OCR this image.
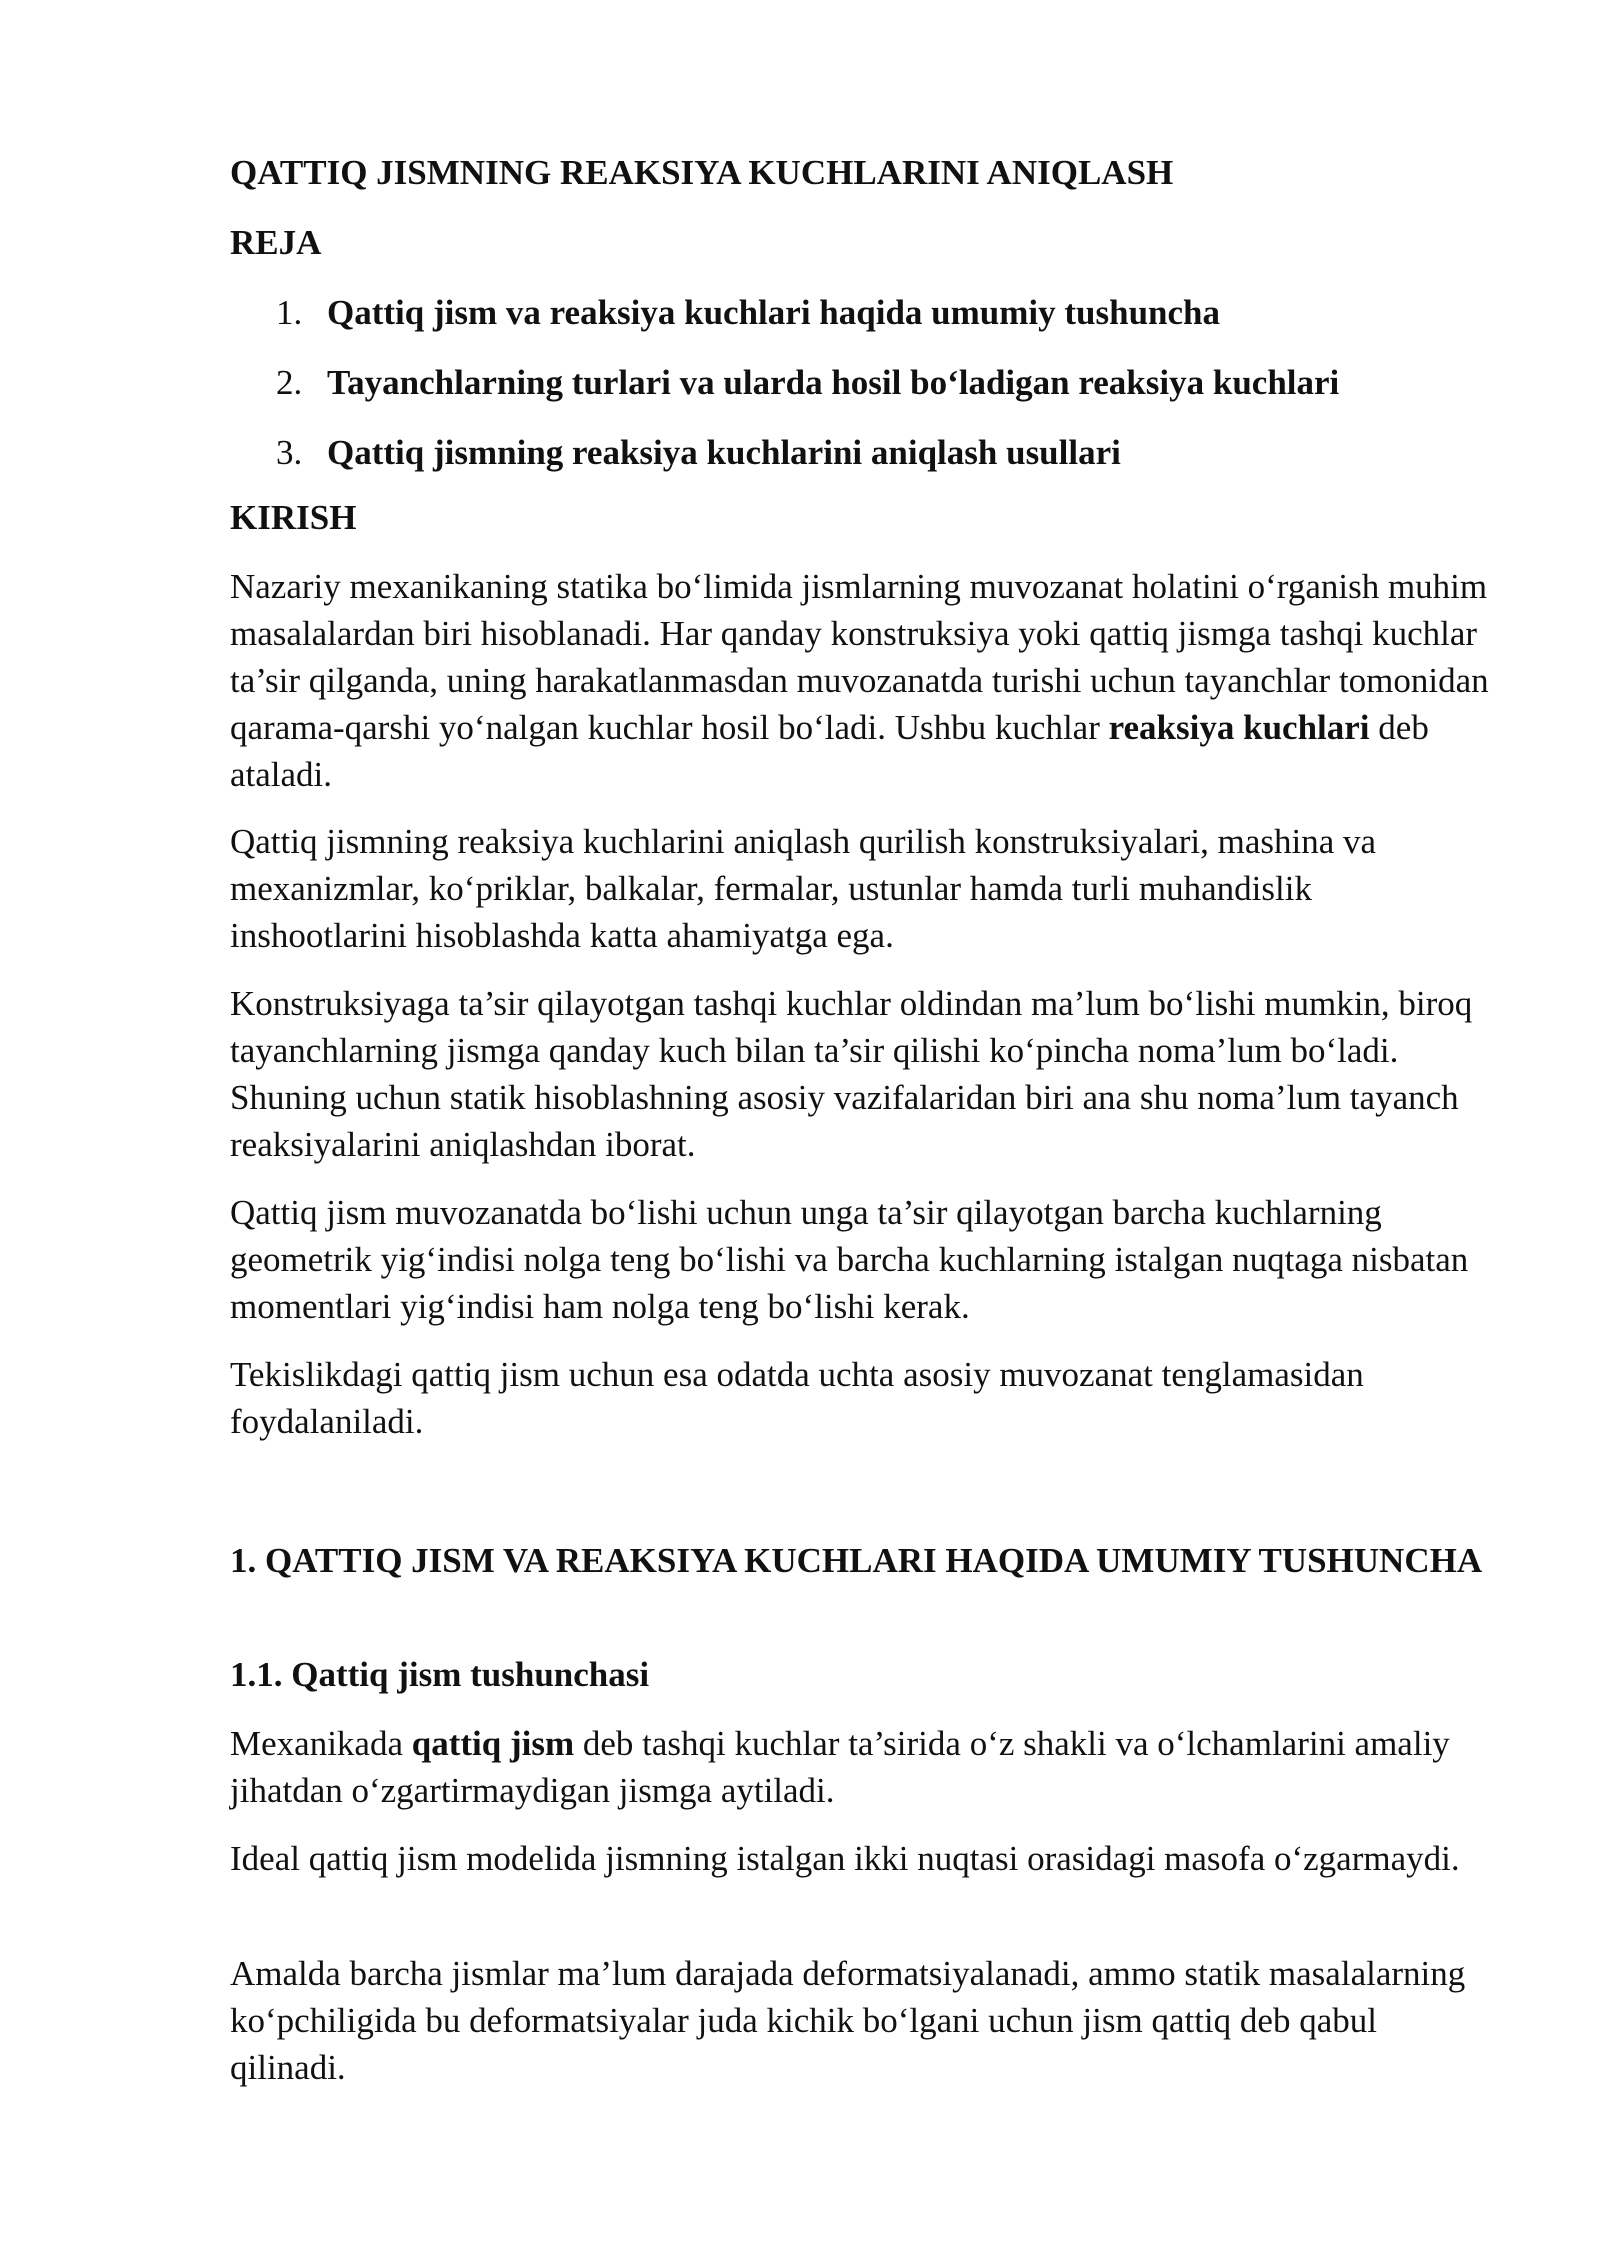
QATTIQ JISMNING REAKSIYA KUCHLARINI ANIQLASH
REJA
1. Qattiq jism va reaksiya kuchlari haqida umumiy tushuncha
2. Tayanchlarning turlari va ularda hosil bo‘ladigan reaksiya kuchlari
3. Qattiq jismning reaksiya kuchlarini aniqlash usullari
KIRISH

Nazariy mexanikaning statika bo‘limida jismlarning muvozanat holatini o‘rganish muhim masalalardan biri hisoblanadi. Har qanday konstruksiya yoki qattiq jismga tashqi kuchlar ta’sir qilganda, uning harakatlanmasdan muvozanatda turishi uchun tayanchlar tomonidan qarama-qarshi yo‘nalgan kuchlar hosil bo‘ladi. Ushbu kuchlar reaksiya kuchlari deb ataladi.

Qattiq jismning reaksiya kuchlarini aniqlash qurilish konstruksiyalari, mashina va mexanizmlar, ko‘priklar, balkalar, fermalar, ustunlar hamda turli muhandislik inshootlarini hisoblashda katta ahamiyatga ega.

Konstruksiyaga ta’sir qilayotgan tashqi kuchlar oldindan ma’lum bo‘lishi mumkin, biroq tayanchlarning jismga qanday kuch bilan ta’sir qilishi ko‘pincha noma’lum bo‘ladi. Shuning uchun statik hisoblashning asosiy vazifalaridan biri ana shu noma’lum tayanch reaksiyalarini aniqlashdan iborat.

Qattiq jism muvozanatda bo‘lishi uchun unga ta’sir qilayotgan barcha kuchlarning geometrik yig‘indisi nolga teng bo‘lishi va barcha kuchlarning istalgan nuqtaga nisbatan momentlari yig‘indisi ham nolga teng bo‘lishi kerak.

Tekislikdagi qattiq jism uchun esa odatda uchta asosiy muvozanat tenglamasidan foydalaniladi.

1. QATTIQ JISM VA REAKSIYA KUCHLARI HAQIDA UMUMIY TUSHUNCHA
1.1. Qattiq jism tushunchasi

Mexanikada qattiq jism deb tashqi kuchlar ta’sirida o‘z shakli va o‘lchamlarini amaliy jihatdan o‘zgartirmaydigan jismga aytiladi.

Ideal qattiq jism modelida jismning istalgan ikki nuqtasi orasidagi masofa o‘zgarmaydi.

Amalda barcha jismlar ma’lum darajada deformatsiyalanadi, ammo statik masalalarning ko‘pchiligida bu deformatsiyalar juda kichik bo‘lgani uchun jism qattiq deb qabul qilinadi.
